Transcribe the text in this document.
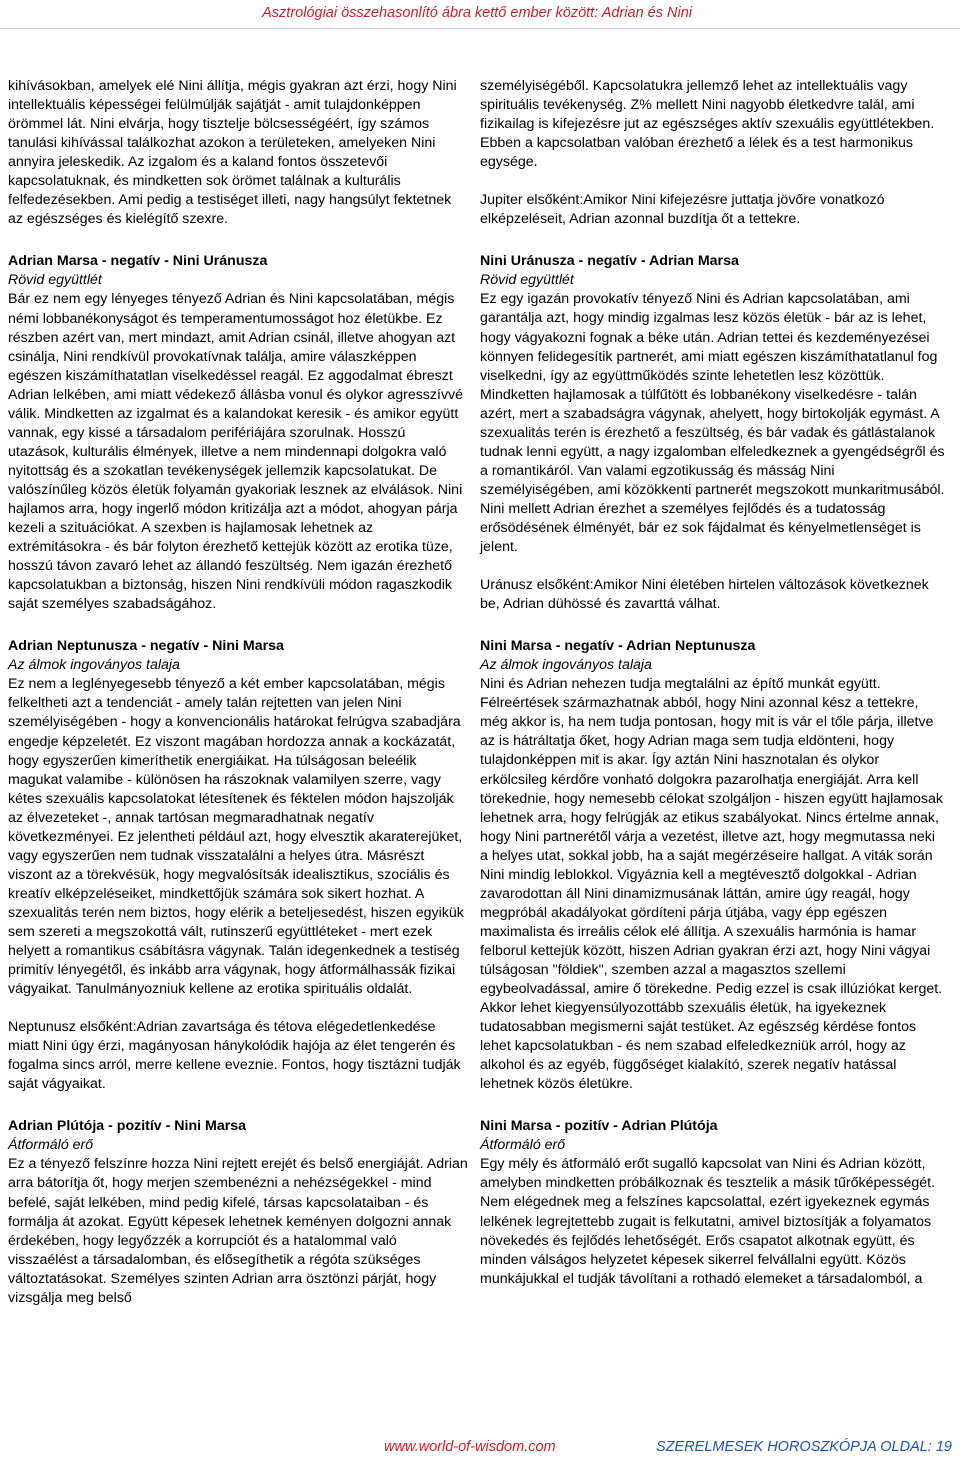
Asztrológiai összehasonlító ábra kettő ember között: Adrian és Nini

kihívásokban, amelyek elé Nini állítja, mégis gyakran azt érzi, hogy Nini intellektuális képességei felülmúlják sajátját - amit tulajdonképpen örömmel lát. Nini elvárja, hogy tisztelje bölcsességéért, így számos tanulási kihívással találkozhat azokon a területeken, amelyeken Nini annyira jeleskedik. Az izgalom és a kaland fontos összetevői kapcsolatuknak, és mindketten sok örömet találnak a kulturális felfedezésekben. Ami pedig a testiséget illeti, nagy hangsúlyt fektetnek az egészséges és kielégítő szexre.

Adrian Marsa - negatív - Nini Uránusza

Rövid együttlét

Bár ez nem egy lényeges tényező Adrian és Nini kapcsolatában, mégis némi lobbanékonyságot és temperamentumosságot hoz életükbe. Ez részben azért van, mert mindazt, amit Adrian csinál, illetve ahogyan azt csinálja, Nini rendkívül provokatívnak találja, amire válaszképpen egészen kiszámíthatatlan viselkedéssel reagál. Ez aggodalmat ébreszt Adrian lelkében, ami miatt védekező állásba vonul és olykor agresszívvé válik. Mindketten az izgalmat és a kalandokat keresik - és amikor együtt vannak, egy kissé a társadalom perifériájára szorulnak. Hosszú utazások, kulturális élmények, illetve a nem mindennapi dolgokra való nyitottság és a szokatlan tevékenységek jellemzik kapcsolatukat. De valószínűleg közös életük folyamán gyakoriak lesznek az elválások. Nini hajlamos arra, hogy ingerlő módon kritizálja azt a módot, ahogyan párja kezeli a szituációkat. A szexben is hajlamosak lehetnek az extrémitásokra - és bár folyton érezhető kettejük között az erotika tüze, hosszú távon zavaró lehet az állandó feszültség. Nem igazán érezhető kapcsolatukban a biztonság, hiszen Nini rendkívüli módon ragaszkodik saját személyes szabadságához.

Adrian Neptunusza - negatív - Nini Marsa

Az álmok ingoványos talaja

Ez nem a leglényegesebb tényező a két ember kapcsolatában, mégis felkeltheti azt a tendenciát - amely talán rejtetten van jelen Nini személyiségében - hogy a konvencionális határokat felrúgva szabadjára engedje képzeletét. Ez viszont magában hordozza annak a kockázatát, hogy egyszerűen kimeríthetik energiáikat. Ha túlságosan beleélik magukat valamibe - különösen ha rászoknak valamilyen szerre, vagy kétes szexuális kapcsolatokat létesítenek és féktelen módon hajszolják az élvezeteket -, annak tartósan megmaradhatnak negatív következményei. Ez jelentheti például azt, hogy elvesztik akaraterejüket, vagy egyszerűen nem tudnak visszatalálni a helyes útra. Másrészt viszont az a törekvésük, hogy megvalósítsák idealisztikus, szociális és kreatív elképzeléseiket, mindkettőjük számára sok sikert hozhat. A szexualitás terén nem biztos, hogy elérik a beteljesedést, hiszen egyikük sem szereti a megszokottá vált, rutinszerű együttléteket - mert ezek helyett a romantikus csábításra vágynak. Talán idegenkednek a testiség primitív lényegétől, és inkább arra vágynak, hogy átformálhassák fizikai vágyaikat. Tanulmányozniuk kellene az erotika spirituális oldalát.

Neptunusz elsőként:Adrian zavartsága és tétova elégedetlenkedése miatt Nini úgy érzi, magányosan hánykolódik hajója az élet tengerén és fogalma sincs arról, merre kellene eveznie. Fontos, hogy tisztázni tudják saját vágyaikat.

Adrian Plútója - pozitív - Nini Marsa

Átformáló erő

Ez a tényező felszínre hozza Nini rejtett erejét és belső energiáját. Adrian arra bátorítja őt, hogy merjen szembenézni a nehézségekkel - mind befelé, saját lelkében, mind pedig kifelé, társas kapcsolataiban - és formálja át azokat. Együtt képesek lehetnek keményen dolgozni annak érdekében, hogy legyőzzék a korrupciót és a hatalommal való visszaélést a társadalomban, és elősegíthetik a régóta szükséges változtatásokat. Személyes szinten Adrian arra ösztönzi párját, hogy vizsgálja meg belső

személyiségéből. Kapcsolatukra jellemző lehet az intellektuális vagy spirituális tevékenység. Z% mellett Nini nagyobb életkedvre talál, ami fizikailag is kifejezésre jut az egészséges aktív szexuális együttlétekben. Ebben a kapcsolatban valóban érezhető a lélek és a test harmonikus egysége.

Jupiter elsőként:Amikor Nini kifejezésre juttatja jövőre vonatkozó elképzeléseit, Adrian azonnal buzdítja őt a tettekre.

Nini Uránusza - negatív - Adrian Marsa

Rövid együttlét

Ez egy igazán provokatív tényező Nini és Adrian kapcsolatában, ami garantálja azt, hogy mindig izgalmas lesz közös életük - bár az is lehet, hogy vágyakozni fognak a béke után. Adrian tettei és kezdeményezései könnyen felidegesítik partnerét, ami miatt egészen kiszámíthatatlanul fog viselkedni, így az együttműködés szinte lehetetlen lesz közöttük. Mindketten hajlamosak a túlfűtött és lobbanékony viselkedésre - talán azért, mert a szabadságra vágynak, ahelyett, hogy birtokolják egymást. A szexualitás terén is érezhető a feszültség, és bár vadak és gátlástalanok tudnak lenni együtt, a nagy izgalomban elfeledkeznek a gyengédségről és a romantikáról. Van valami egzotikusság és másság Nini személyiségében, ami közökkenti partnerét megszokott munkaritmusából. Nini mellett Adrian érezhet a személyes fejlődés és a tudatosság erősödésének élményét, bár ez sok fájdalmat és kényelmetlenséget is jelent.

Uránusz elsőként:Amikor Nini életében hirtelen változások következnek be, Adrian dühössé és zavarttá válhat.

Nini Marsa - negatív - Adrian Neptunusza

Az álmok ingoványos talaja

Nini és Adrian nehezen tudja megtalálni az építő munkát együtt. Félreértések származhatnak abból, hogy Nini azonnal kész a tettekre, még akkor is, ha nem tudja pontosan, hogy mit is vár el tőle párja, illetve az is hátráltatja őket, hogy Adrian maga sem tudja eldönteni, hogy tulajdonképpen mit is akar. Így aztán Nini hasznotalan és olykor erkölcsileg kérdőre vonható dolgokra pazarolhatja energiáját. Arra kell törekednie, hogy nemesebb célokat szolgáljon - hiszen együtt hajlamosak lehetnek arra, hogy felrúgják az etikus szabályokat. Nincs értelme annak, hogy Nini partnerétől várja a vezetést, illetve azt, hogy megmutassa neki a helyes utat, sokkal jobb, ha a saját megérzéseire hallgat. A viták során Nini mindig leblokkol. Vigyáznia kell a megtévesztő dolgokkal - Adrian zavarodottan áll Nini dinamizmusának láttán, amire úgy reagál, hogy megpróbál akadályokat gördíteni párja útjába, vagy épp egészen maximalista és irreális célok elé állítja. A szexuális harmónia is hamar felborul kettejük között, hiszen Adrian gyakran érzi azt, hogy Nini vágyai túlságosan "földiek", szemben azzal a magasztos szellemi egybeolvadással, amire ő törekedne. Pedig ezzel is csak illúziókat kerget. Akkor lehet kiegyensúlyozottább szexuális életük, ha igyekeznek tudatosabban megismerni saját testüket. Az egészség kérdése fontos lehet kapcsolatukban - és nem szabad elfeledkezniük arról, hogy az alkohol és az egyéb, függőséget kialakító, szerek negatív hatással lehetnek közös életükre.

Nini Marsa - pozitív - Adrian Plútója

Átformáló erő

Egy mély és átformáló erőt sugalló kapcsolat van Nini és Adrian között, amelyben mindketten próbálkoznak és tesztelik a másik tűrőképességét. Nem elégednek meg a felszínes kapcsolattal, ezért igyekeznek egymás lelkének legrejtettebb zugait is felkutatni, amivel biztosítják a folyamatos növekedés és fejlődés lehetőségét. Erős csapatot alkotnak együtt, és minden válságos helyzetet képesek sikerrel felvállalni együtt. Közös munkájukkal el tudják távolítani a rothadó elemeket a társadalomból, a

www.world-of-wisdom.com	SZERELMESEK HOROSZKÓPJA OLDAL: 19
